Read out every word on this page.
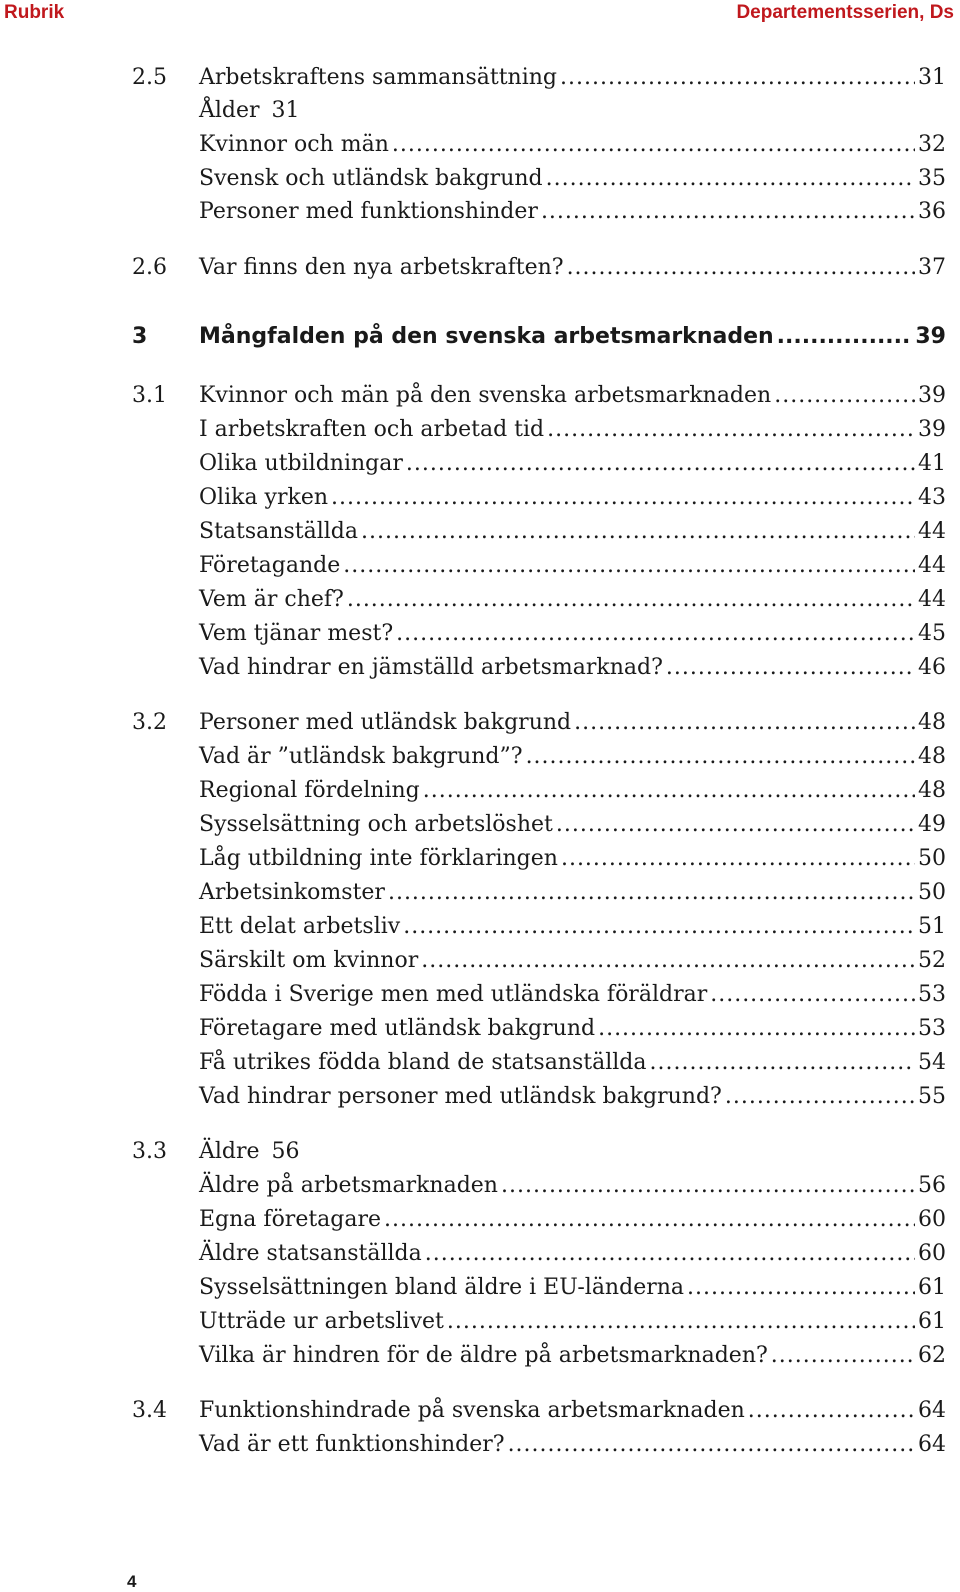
Rubrik	Departementsserien, Ds
2.5	Arbetskraftens sammansättning .....	31
Ålder 31
Kvinnor och män .....	32
Svensk och utländsk bakgrund .....	35
Personer med funktionshinder .....	36
2.6	Var finns den nya arbetskraften? .....	37
3	Mångfalden på den svenska arbetsmarknaden .....	39
3.1	Kvinnor och män på den svenska arbetsmarknaden .....	39
I arbetskraften och arbetad tid .....	39
Olika utbildningar .....	41
Olika yrken .....	43
Statsanställda .....	44
Företagande .....	44
Vem är chef? .....	44
Vem tjänar mest? .....	45
Vad hindrar en jämställd arbetsmarknad? .....	46
3.2	Personer med utländsk bakgrund .....	48
Vad är ”utländsk bakgrund”? .....	48
Regional fördelning .....	48
Sysselsättning och arbetslöshet .....	49
Låg utbildning inte förklaringen .....	50
Arbetsinkomster .....	50
Ett delat arbetsliv .....	51
Särskilt om kvinnor .....	52
Födda i Sverige men med utländska föräldrar .....	53
Företagare med utländsk bakgrund .....	53
Få utrikes födda bland de statsanställda .....	54
Vad hindrar personer med utländsk bakgrund? .....	55
3.3	Äldre 56
Äldre på arbetsmarknaden .....	56
Egna företagare .....	60
Äldre statsanställda .....	60
Sysselsättningen bland äldre i EU-länderna .....	61
Utträde ur arbetslivet .....	61
Vilka är hindren för de äldre på arbetsmarknaden? .....	62
3.4	Funktionshindrade på svenska arbetsmarknaden .....	64
Vad är ett funktionshinder? .....	64
4
